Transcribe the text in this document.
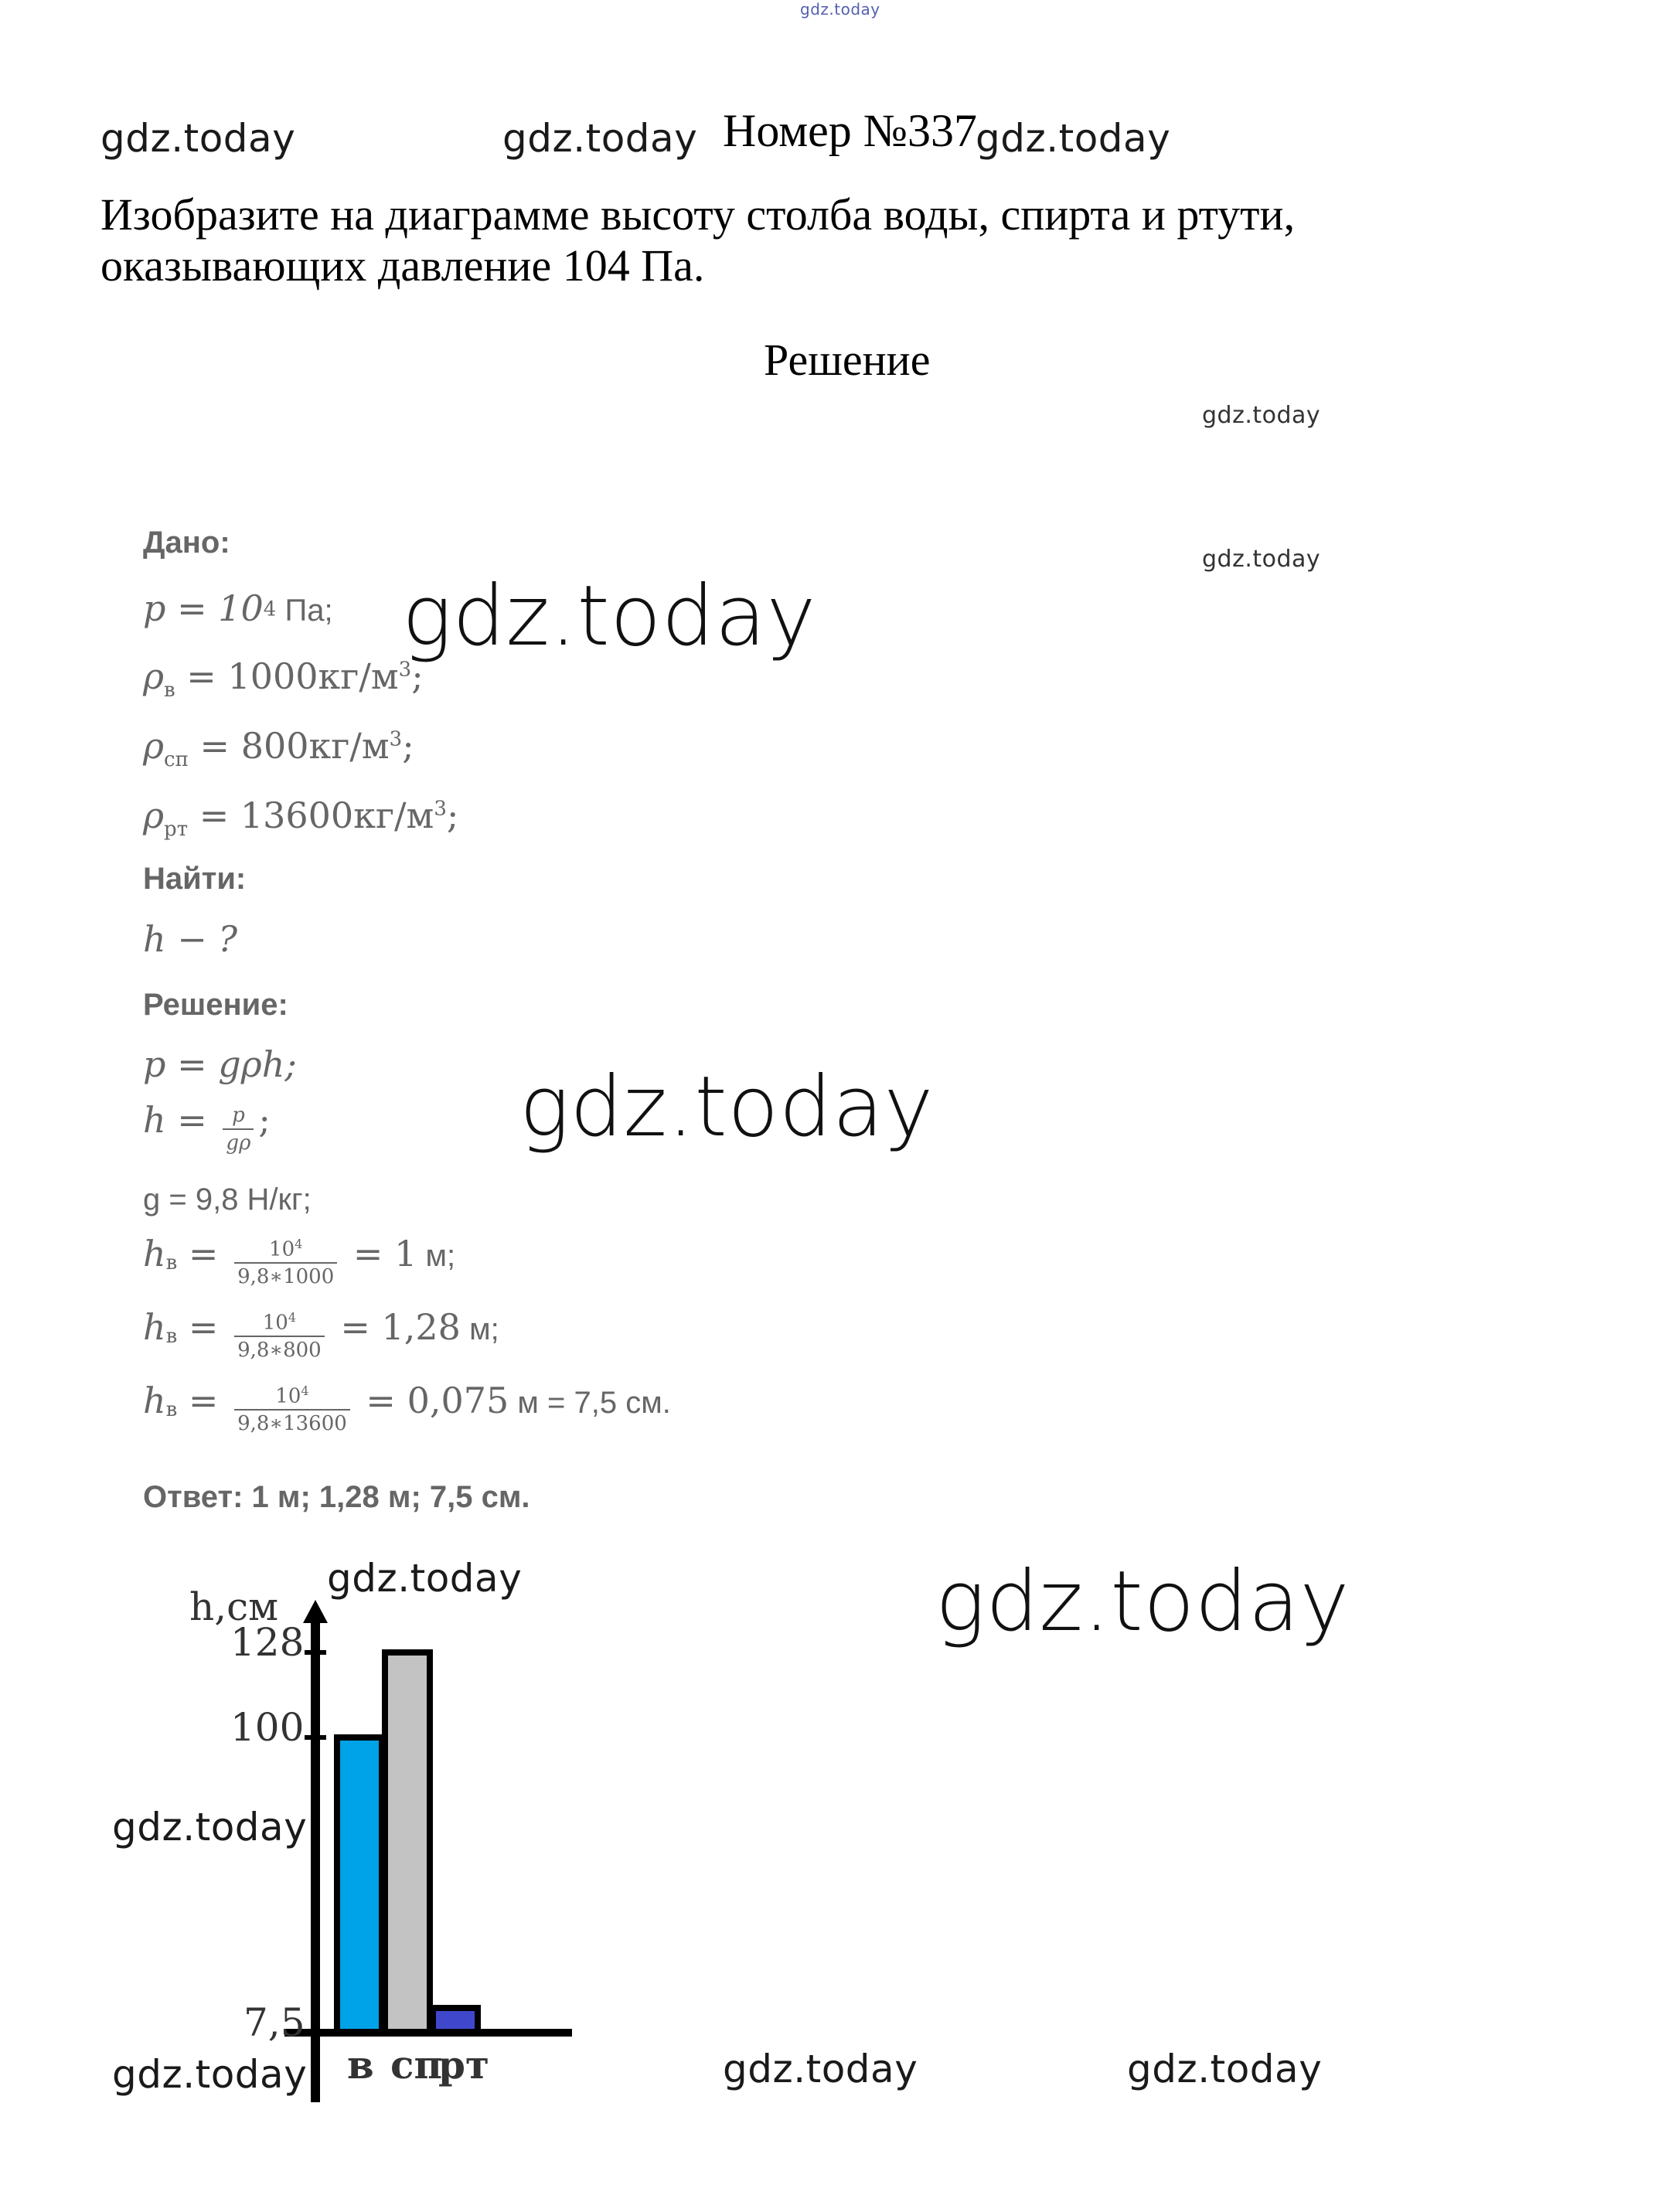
gdz.today
gdz.today	gdz.today	gdz.today
gdz.today
gdz.today
gdz.today
gdz.today
gdz.today	gdz.today
gdz.today
gdz.today	gdz.today	gdz.today
Номер №337
Изобразите на диаграмме высоту столба воды, спирта и ртути,
оказывающих давление 104 Па.
Решение
Дано:
$p = 10^4$ Па;
$\rho_в = 1000кг/м^3$;
$\rho_{сп} = 800кг/м^3$;
$\rho_{рт} = 13600кг/м^3$;
Найти:
h − ?
Решение:
p = gρh;
$h = \frac{p}{g\rho}$ ;
g = 9,8 Н/кг;
$h_в = \frac{10^4}{9,8∗1000} = 1$ м;
$h_в = \frac{10^4}{9,8∗800} = 1,28$ м;
$h_в = \frac{10^4}{9,8∗13600} = 0,075$ м = 7,5 см.
Ответ: 1 м; 1,28 м; 7,5 см.
h,см
в сп
рт
128
100
7,5
